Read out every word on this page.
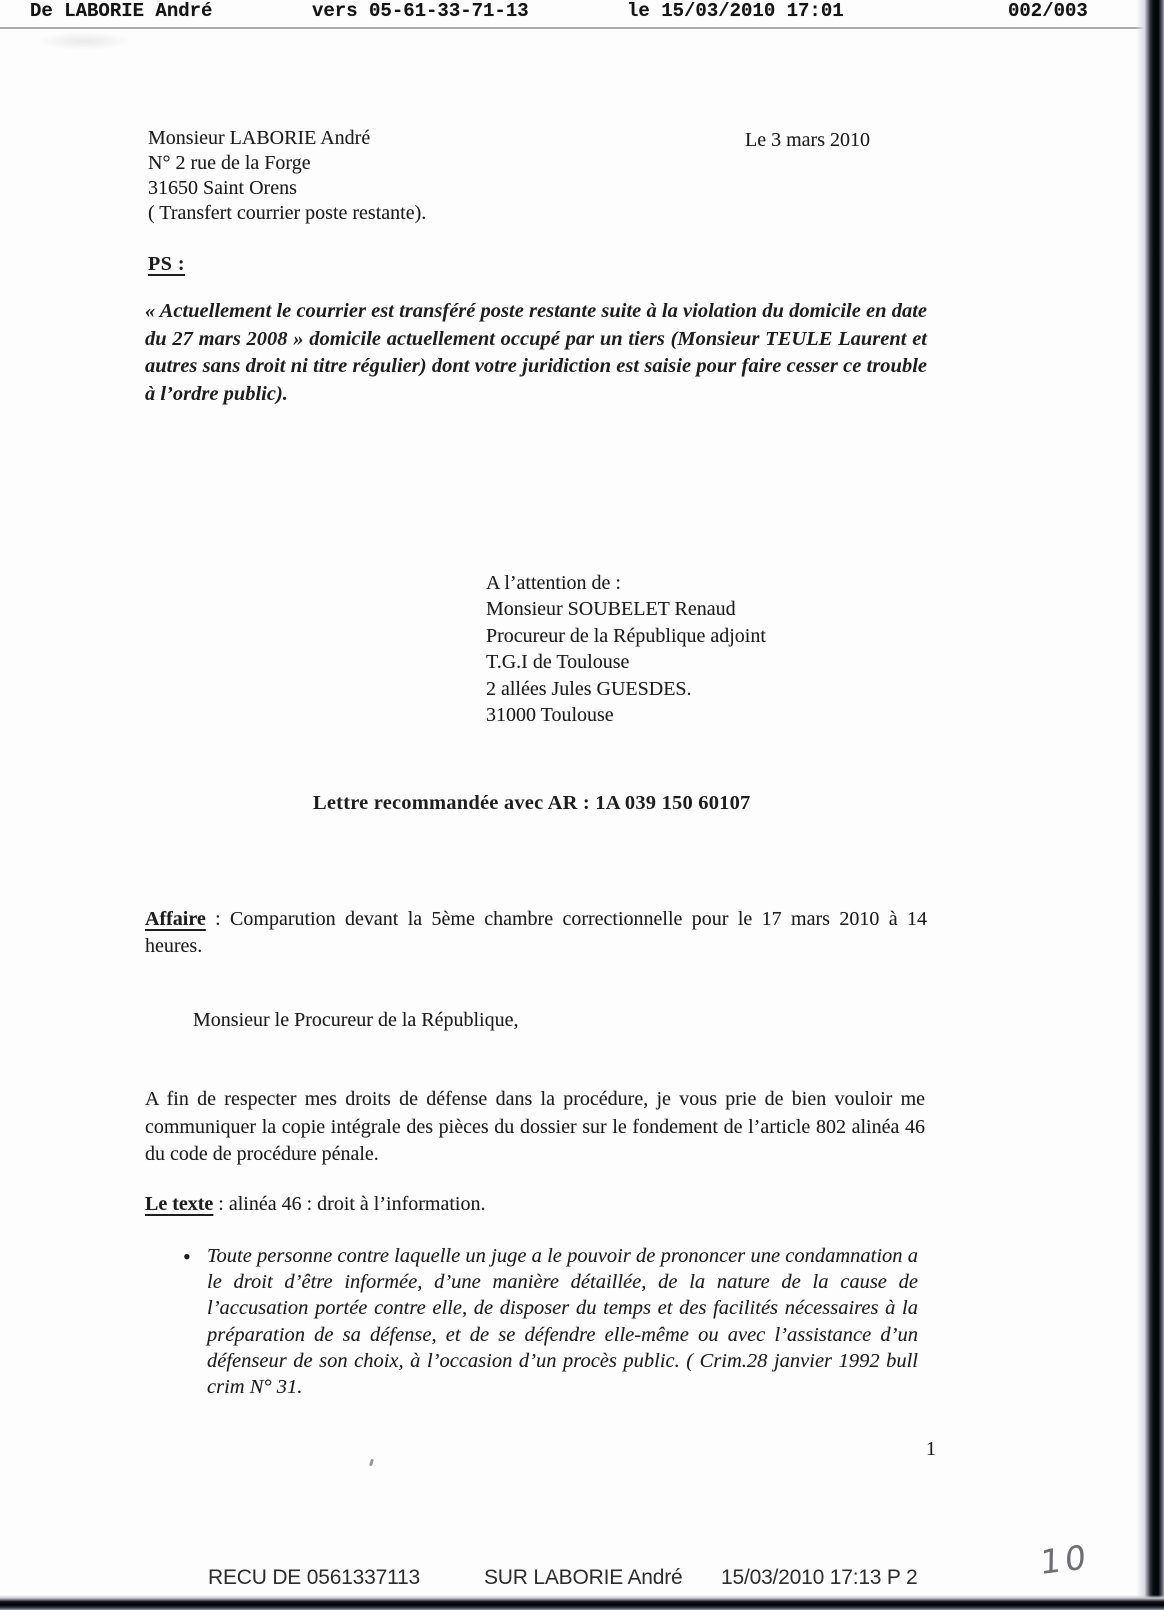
De LABORIE André	vers 05-61-33-71-13	le 15/03/2010 17:01	002/003
Monsieur LABORIE André
N° 2 rue de la Forge
31650 Saint Orens
( Transfert courrier poste restante).
Le 3 mars 2010
PS :
« Actuellement le courrier est transféré poste restante suite à la violation du domicile en date du 27 mars 2008 » domicile actuellement occupé par un tiers (Monsieur TEULE Laurent et autres sans droit ni titre régulier) dont votre juridiction est saisie pour faire cesser ce trouble à l’ordre public).
A l’attention de :
Monsieur SOUBELET Renaud
Procureur de la République adjoint
T.G.I de Toulouse
2 allées Jules GUESDES.
31000 Toulouse
Lettre recommandée avec AR : 1A 039 150 60107
Affaire : Comparution devant la 5ème chambre correctionnelle pour le 17 mars 2010 à 14 heures.
Monsieur le Procureur de la République,
A fin de respecter mes droits de défense dans la procédure, je vous prie de bien vouloir me communiquer la copie intégrale des pièces du dossier sur le fondement de l’article 802 alinéa 46 du code de procédure pénale.
Le texte : alinéa 46 : droit à l’information.
• Toute personne contre laquelle un juge a le pouvoir de prononcer une condamnation a le droit d’être informée, d’une manière détaillée, de la nature de la cause de l’accusation portée contre elle, de disposer du temps et des facilités nécessaires à la préparation de sa défense, et de se défendre elle-même ou avec l’assistance d’un défenseur de son choix, à l’occasion d’un procès public. ( Crim.28 janvier 1992 bull crim N° 31.
1
RECU DE 0561337113	SUR LABORIE André 15/03/2010 17:13 P 2	10
